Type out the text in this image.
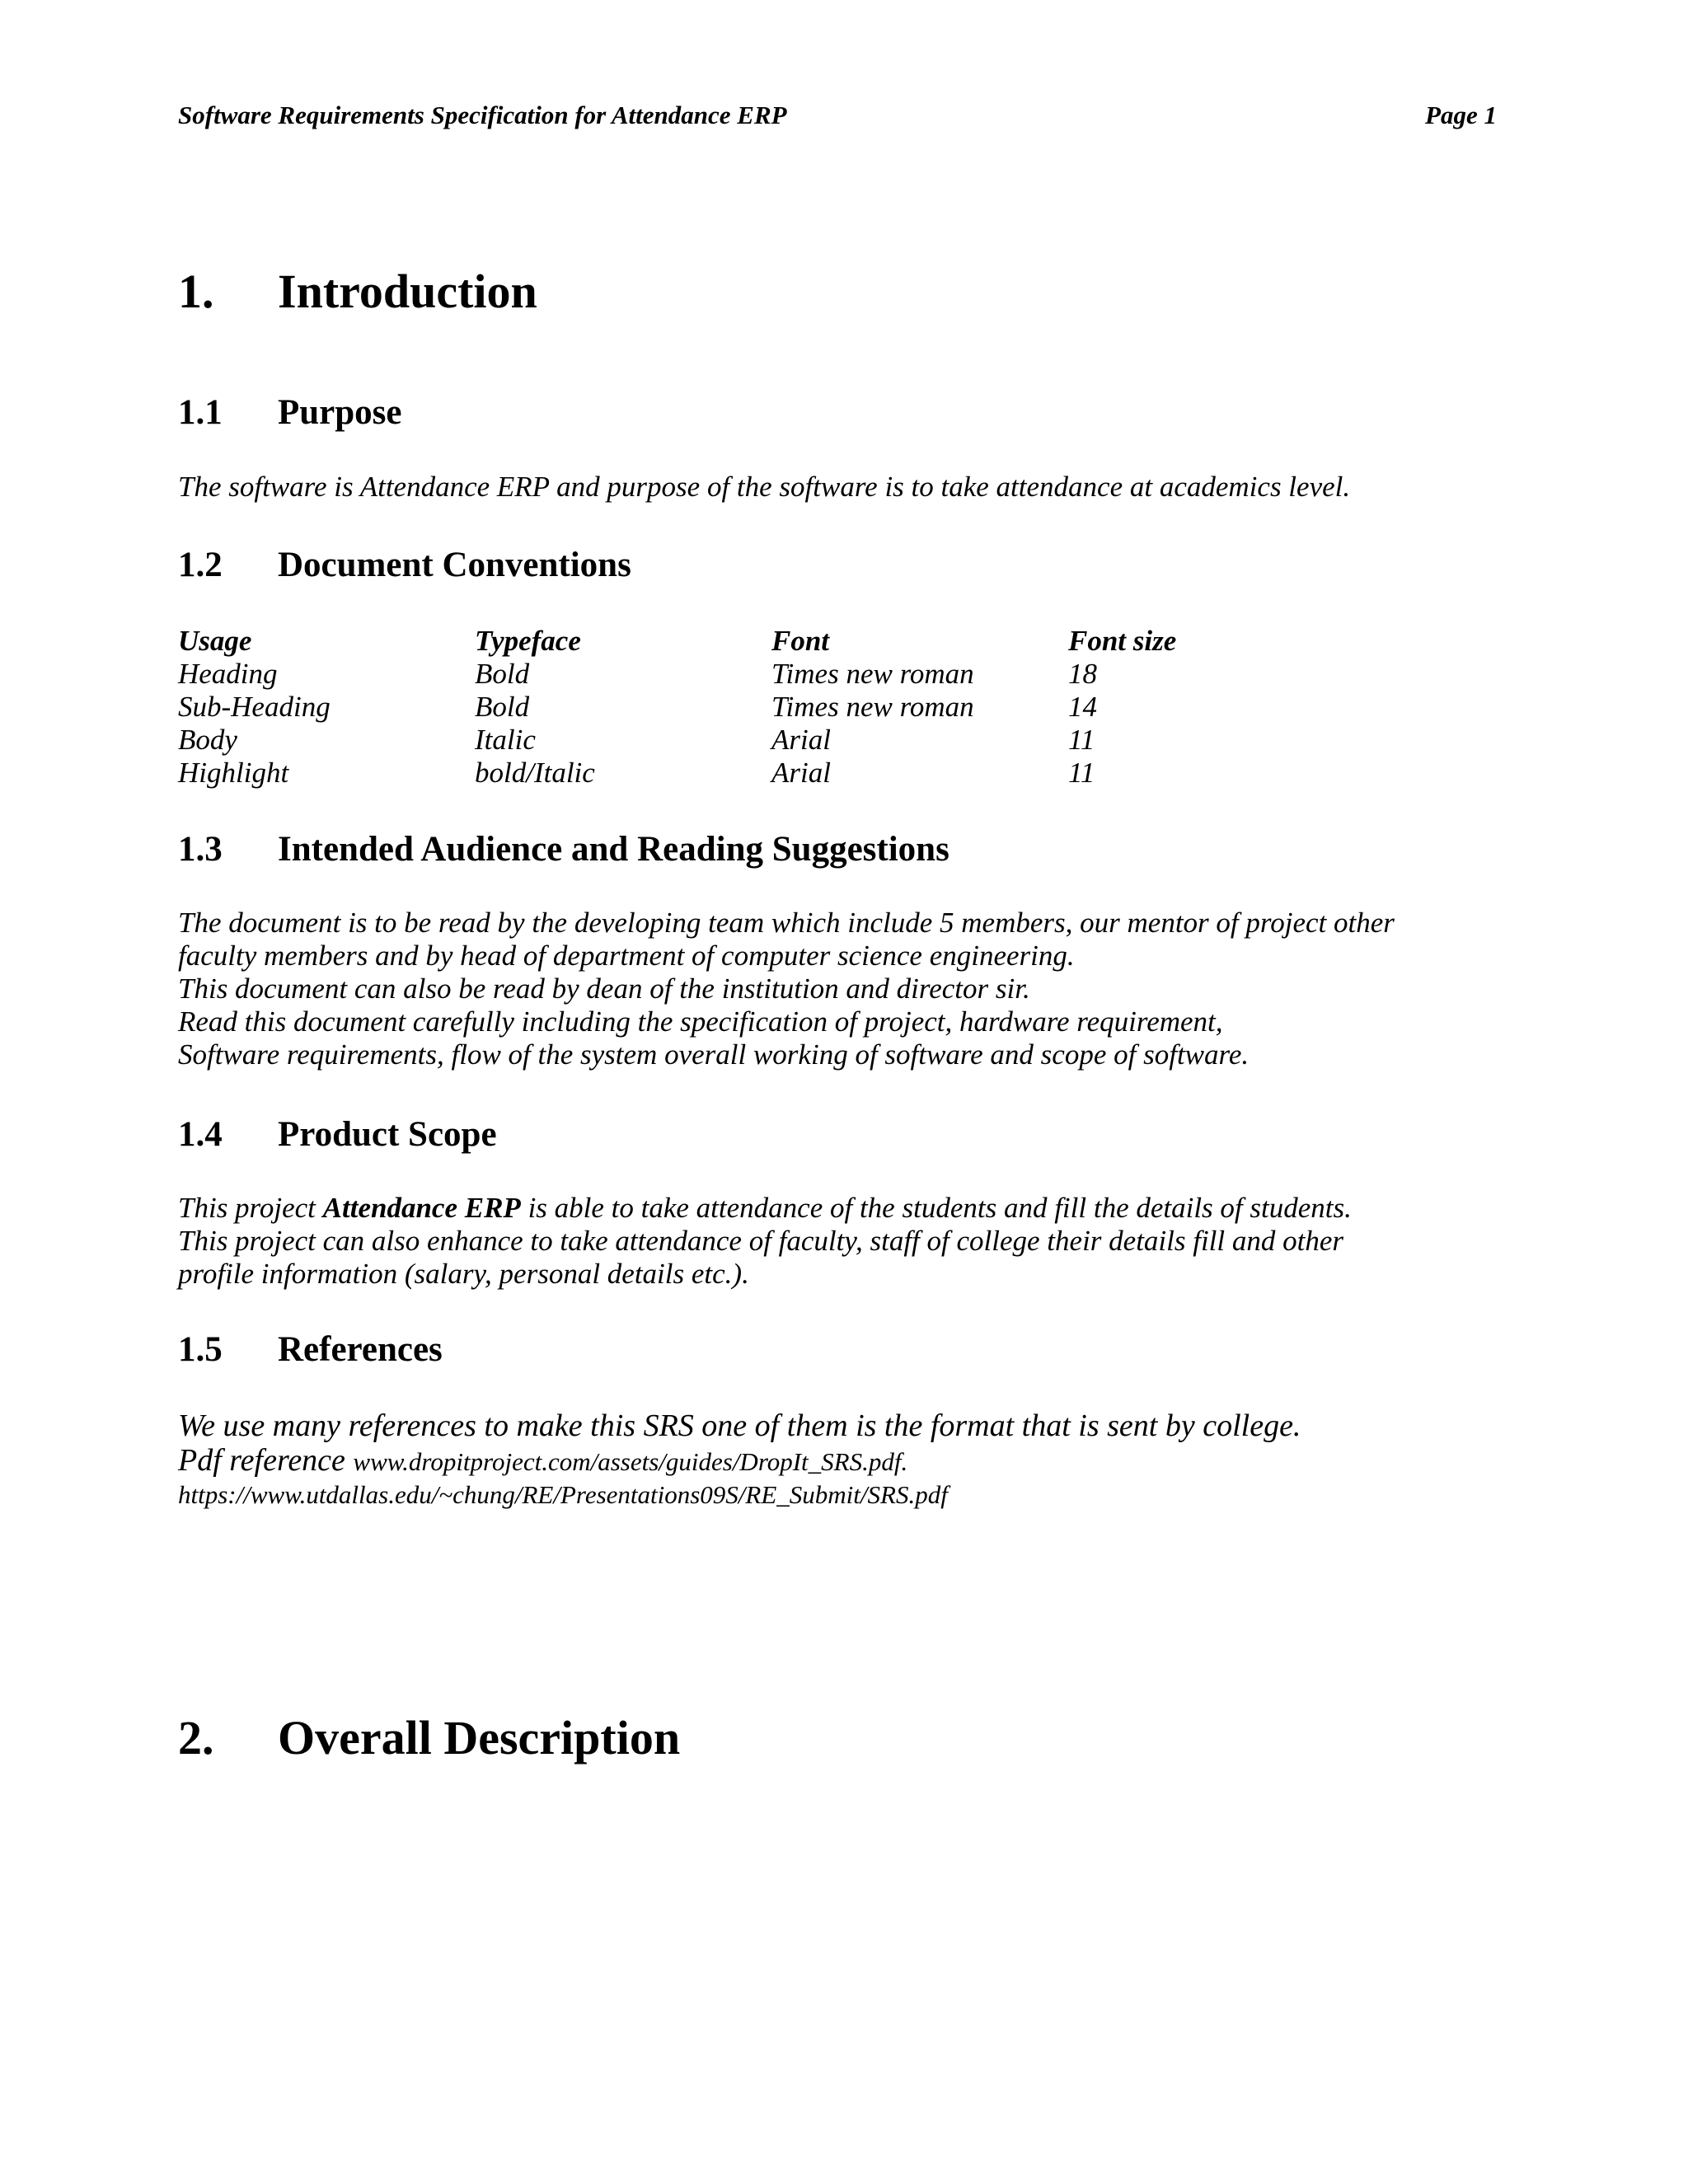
Software Requirements Specification for Attendance ERP	Page 1
1. Introduction
1.1 Purpose

The software is Attendance ERP and purpose of the software is to take attendance at academics level.

1.2 Document Conventions
Usage	Typeface	Font	Font size
Heading	Bold	Times new roman	18
Sub-Heading	Bold	Times new roman	14
Body	Italic	Arial	11
Highlight	bold/Italic	Arial	11
1.3 Intended Audience and Reading Suggestions

The document is to be read by the developing team which include 5 members, our mentor of project other

faculty members and by head of department of computer science engineering.

This document can also be read by dean of the institution and director sir.

Read this document carefully including the specification of project, hardware requirement,

Software requirements, flow of the system overall working of software and scope of software.

1.4 Product Scope

This project Attendance ERP is able to take attendance of the students and fill the details of students.

This project can also enhance to take attendance of faculty, staff of college their details fill and other

profile information (salary, personal details etc.).

1.5 References
We use many references to make this SRS one of them is the format that is sent by college.
Pdf reference www.dropitproject.com/assets/guides/DropIt_SRS.pdf.
https://www.utdallas.edu/~chung/RE/Presentations09S/RE_Submit/SRS.pdf
2. Overall Description
